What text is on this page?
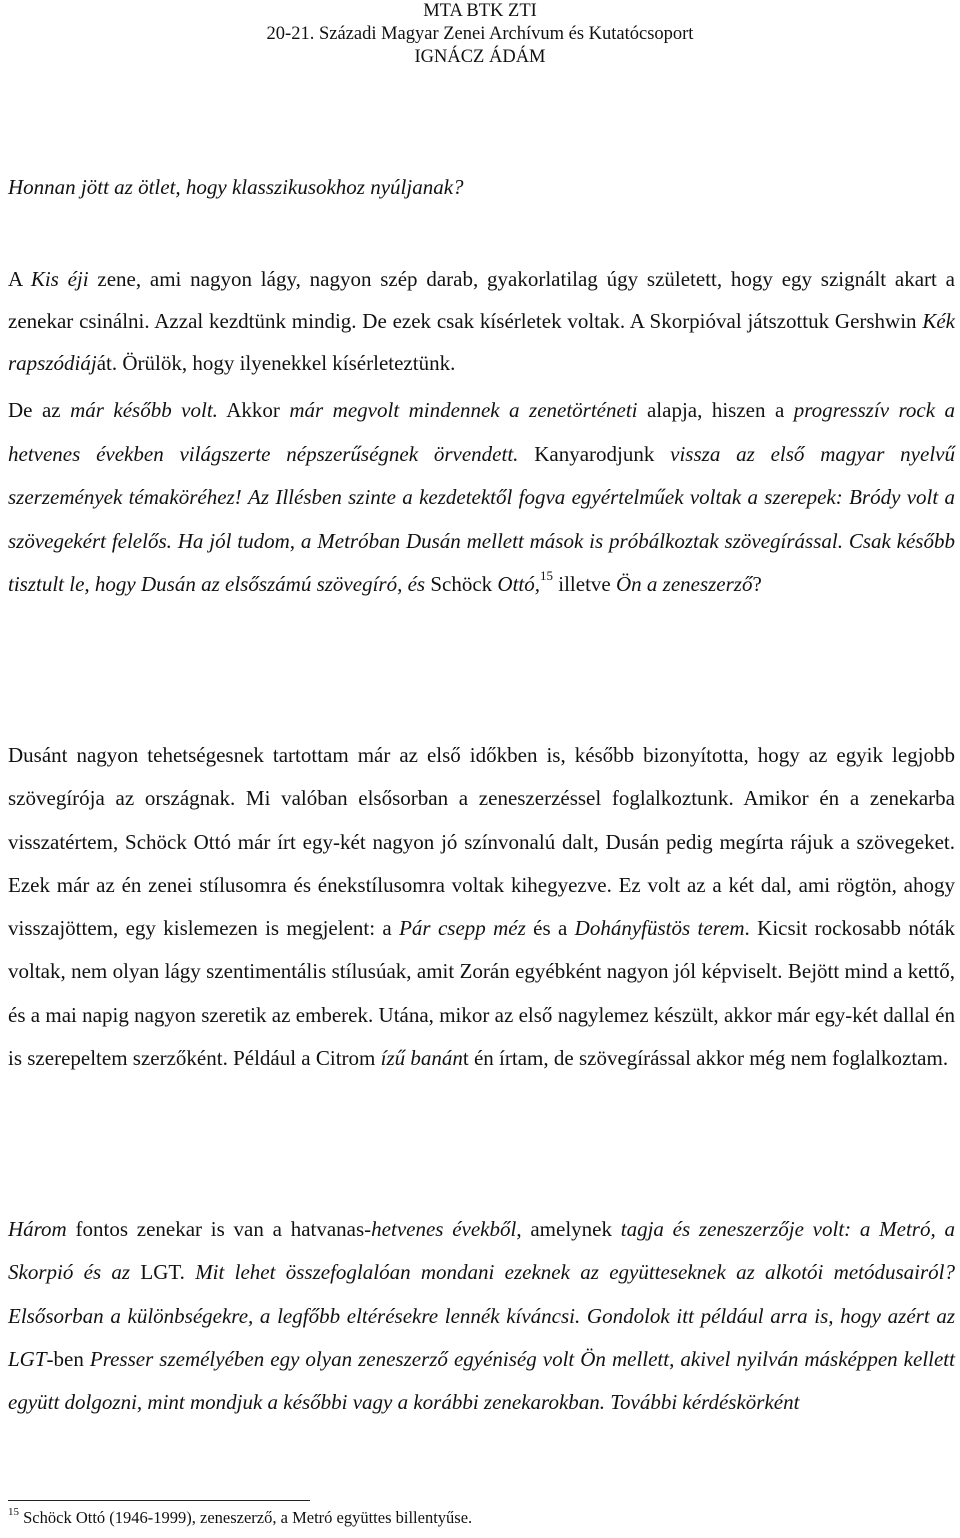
MTA BTK ZTI
20-21. Századi Magyar Zenei Archívum és Kutatócsoport
IGNÁCZ ÁDÁM
Honnan jött az ötlet, hogy klasszikusokhoz nyúljanak?

A Kis éji zene, ami nagyon lágy, nagyon szép darab, gyakorlatilag úgy született, hogy egy szignált akart a zenekar csinálni. Azzal kezdtünk mindig. De ezek csak kísérletek voltak. A Skorpióval játszottuk Gershwin Kék rapszódiáját. Örülök, hogy ilyenekkel kísérleteztünk.

De az már később volt. Akkor már megvolt mindennek a zenetörténeti alapja, hiszen a progresszív rock a hetvenes években világszerte népszerűségnek örvendett. Kanyarodjunk vissza az első magyar nyelvű szerzemények témaköréhez! Az Illésben szinte a kezdetektől fogva egyértelműek voltak a szerepek: Bródy volt a szövegekért felelős. Ha jól tudom, a Metróban Dusán mellett mások is próbálkoztak szövegírással. Csak később tisztult le, hogy Dusán az elsőszámú szövegíró, és Schöck Ottó,$^{15}$ illetve Ön a zeneszerző?

Dusánt nagyon tehetségesnek tartottam már az első időkben is, később bizonyította, hogy az egyik legjobb szövegírója az országnak. Mi valóban elsősorban a zeneszerzéssel foglalkoztunk. Amikor én a zenekarba visszatértem, Schöck Ottó már írt egy-két nagyon jó színvonalú dalt, Dusán pedig megírta rájuk a szövegeket. Ezek már az én zenei stílusomra és énekstílusomra voltak kihegyezve. Ez volt az a két dal, ami rögtön, ahogy visszajöttem, egy kislemezen is megjelent: a Pár csepp méz és a Dohányfüstös terem. Kicsit rockosabb nóták voltak, nem olyan lágy szentimentális stílusúak, amit Zorán egyébként nagyon jól képviselt. Bejött mind a kettő, és a mai napig nagyon szeretik az emberek. Utána, mikor az első nagylemez készült, akkor már egy-két dallal én is szerepeltem szerzőként. Például a Citrom ízű banánt én írtam, de szövegírással akkor még nem foglalkoztam.

Három fontos zenekar is van a hatvanas-hetvenes évekből, amelynek tagja és zeneszerzője volt: a Metró, a Skorpió és az LGT. Mit lehet összefoglalóan mondani ezeknek az együtteseknek az alkotói metódusairól? Elsősorban a különbségekre, a legfőbb eltérésekre lennék kíváncsi. Gondolok itt például arra is, hogy azért az LGT-ben Presser személyében egy olyan zeneszerző egyéniség volt Ön mellett, akivel nyilván másképpen kellett együtt dolgozni, mint mondjuk a későbbi vagy a korábbi zenekarokban. További kérdéskörként

$^{15}$ Schöck Ottó (1946-1999), zeneszerző, a Metró együttes billentyűse.
